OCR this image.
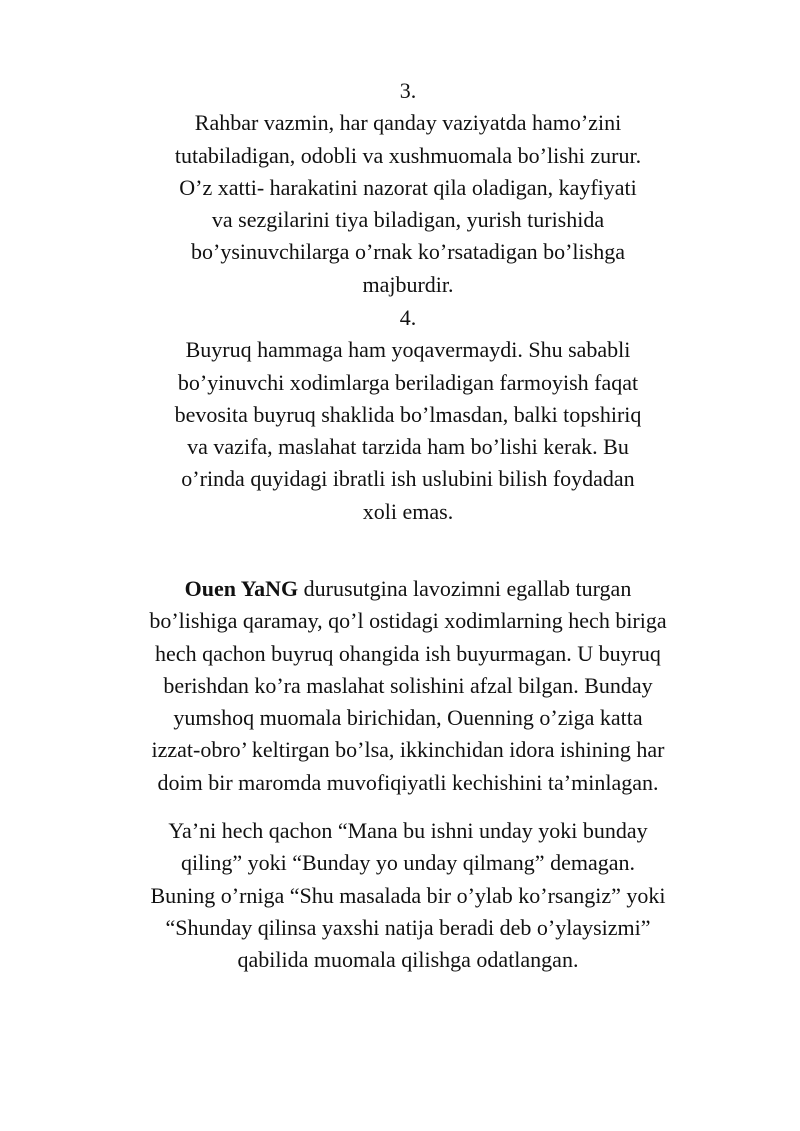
3.
Rahbar vazmin, har qanday vaziyatda hamo’zini
tutabiladigan, odobli va xushmuomala bo’lishi zurur.
O’z xatti- harakatini nazorat qila oladigan, kayfiyati
va sezgilarini tiya biladigan, yurish turishida
bo’ysinuvchilarga o’rnak ko’rsatadigan bo’lishga
majburdir.
4.
Buyruq hammaga ham yoqavermaydi. Shu sababli
bo’yinuvchi xodimlarga beriladigan farmoyish faqat
bevosita buyruq shaklida bo’lmasdan, balki topshiriq
va vazifa, maslahat tarzida ham bo’lishi kerak. Bu
o’rinda quyidagi ibratli ish uslubini bilish foydadan
xoli emas.
Ouen YaNG durusutgina lavozimni egallab turgan
bo’lishiga qaramay, qo’l ostidagi xodimlarning hech biriga
hech qachon buyruq ohangida ish buyurmagan. U buyruq
berishdan ko’ra maslahat solishini afzal bilgan. Bunday
yumshoq muomala birichidan, Ouenning o’ziga katta
izzat-obro’ keltirgan bo’lsa, ikkinchidan idora ishining har
doim bir maromda muvofiqiyatli kechishini ta’minlagan.
Ya’ni hech qachon “Mana bu ishni unday yoki bunday
qiling” yoki “Bunday yo unday qilmang” demagan.
Buning o’rniga “Shu masalada bir o’ylab ko’rsangiz” yoki
“Shunday qilinsa yaxshi natija beradi deb o’ylaysizmi”
qabilida muomala qilishga odatlangan.
